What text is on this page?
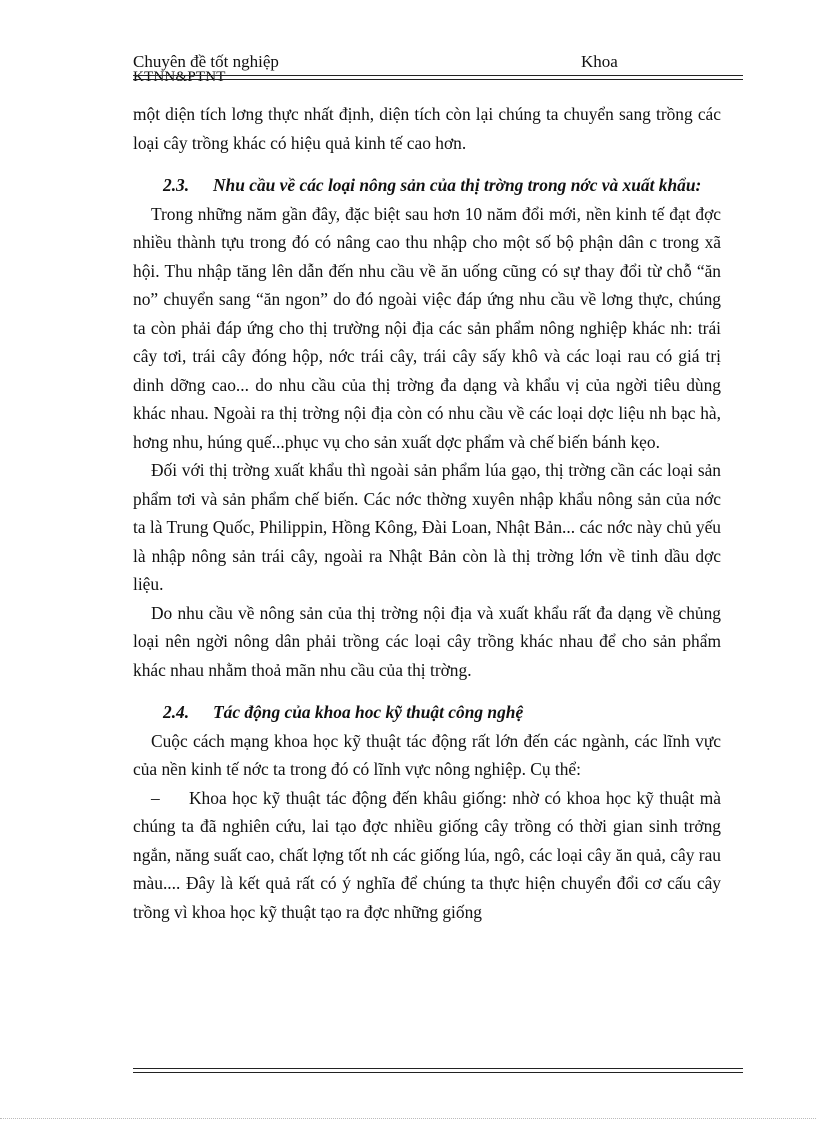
Chuyên đề tốt nghiệp	Khoa
KTNN&PTNT

một diện tích lơng thực nhất định, diện tích còn lại chúng ta chuyển sang trồng các loại cây trồng khác có hiệu quả kinh tế cao hơn.

2.3. Nhu cầu về các loại nông sản của thị trờng trong nớc và xuất khẩu:

Trong những năm gần đây, đặc biệt sau hơn 10 năm đổi mới, nền kinh tế đạt đợc nhiều thành tựu trong đó có nâng cao thu nhập cho một số bộ phận dân c trong xã hội. Thu nhập tăng lên dẫn đến nhu cầu về ăn uống cũng có sự thay đổi từ chỗ “ăn no” chuyển sang “ăn ngon” do đó ngoài việc đáp ứng nhu cầu về lơng thực, chúng ta còn phải đáp ứng cho thị trường nội địa các sản phẩm nông nghiệp khác nh: trái cây tơi, trái cây đóng hộp, nớc trái cây, trái cây sấy khô và các loại rau có giá trị dinh dỡng cao... do nhu cầu của thị trờng đa dạng và khẩu vị của ngời tiêu dùng khác nhau. Ngoài ra thị trờng nội địa còn có nhu cầu về các loại dợc liệu nh bạc hà, hơng nhu, húng quế...phục vụ cho sản xuất dợc phẩm và chế biến bánh kẹo.

Đối với thị trờng xuất khẩu thì ngoài sản phẩm lúa gạo, thị trờng cần các loại sản phẩm tơi và sản phẩm chế biến. Các nớc thờng xuyên nhập khẩu nông sản của nớc ta là Trung Quốc, Philippin, Hồng Kông, Đài Loan, Nhật Bản... các nớc này chủ yếu là nhập nông sản trái cây, ngoài ra Nhật Bản còn là thị trờng lớn về tinh dầu dợc liệu.

Do nhu cầu về nông sản của thị trờng nội địa và xuất khẩu rất đa dạng về chủng loại nên ngời nông dân phải trồng các loại cây trồng khác nhau để cho sản phẩm khác nhau nhằm thoả mãn nhu cầu của thị trờng.

2.4. Tác động của khoa hoc kỹ thuật công nghệ

Cuộc cách mạng khoa học kỹ thuật tác động rất lớn đến các ngành, các lĩnh vực của nền kinh tế nớc ta trong đó có lĩnh vực nông nghiệp. Cụ thể:

– Khoa học kỹ thuật tác động đến khâu giống: nhờ có khoa học kỹ thuật mà chúng ta đã nghiên cứu, lai tạo đợc nhiều giống cây trồng có thời gian sinh trởng ngắn, năng suất cao, chất lợng tốt nh các giống lúa, ngô, các loại cây ăn quả, cây rau màu.... Đây là kết quả rất có ý nghĩa để chúng ta thực hiện chuyển đổi cơ cấu cây trồng vì khoa học kỹ thuật tạo ra đợc những giống
